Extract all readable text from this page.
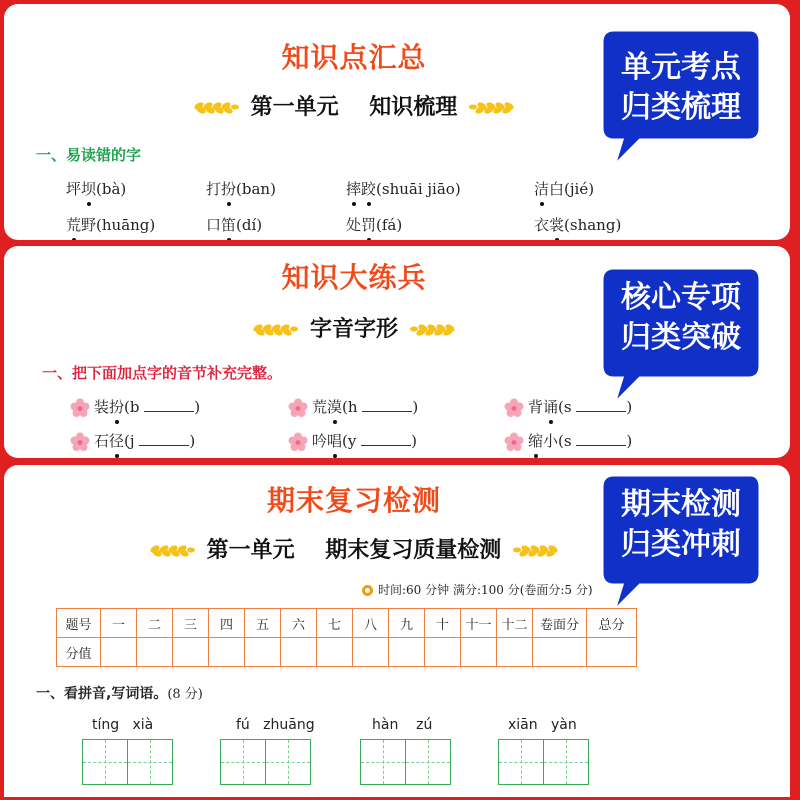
知识点汇总
第一单元    知识梳理
单元考点
归类梳理
一、易读错的字
坪坝(bà)	打扮(ban)	摔跤(shuāi jiāo)	洁白(jié)
荒野(huāng)	口笛(dí)	处罚(fá)	衣裳(shang)
知识大练兵
字音字形
核心专项
归类突破
一、把下面加点字的音节补充完整。
装扮(b	)	荒漠(h	)	背诵(s	)
石径(j	)	吟唱(y	)	缩小(s	)
期末复习检测
第一单元    期末复习质量检测
期末检测
归类冲刺
时间:60 分钟 满分:100 分(卷面分:5 分)
题号	一	二	三	四	五	六	七	八	九	十	十一	十二	卷面分	总分
分值														
一、看拼音,写词语。(8 分)
tíng   xià	fú   zhuāng	hàn    zú	xiān   yàn
